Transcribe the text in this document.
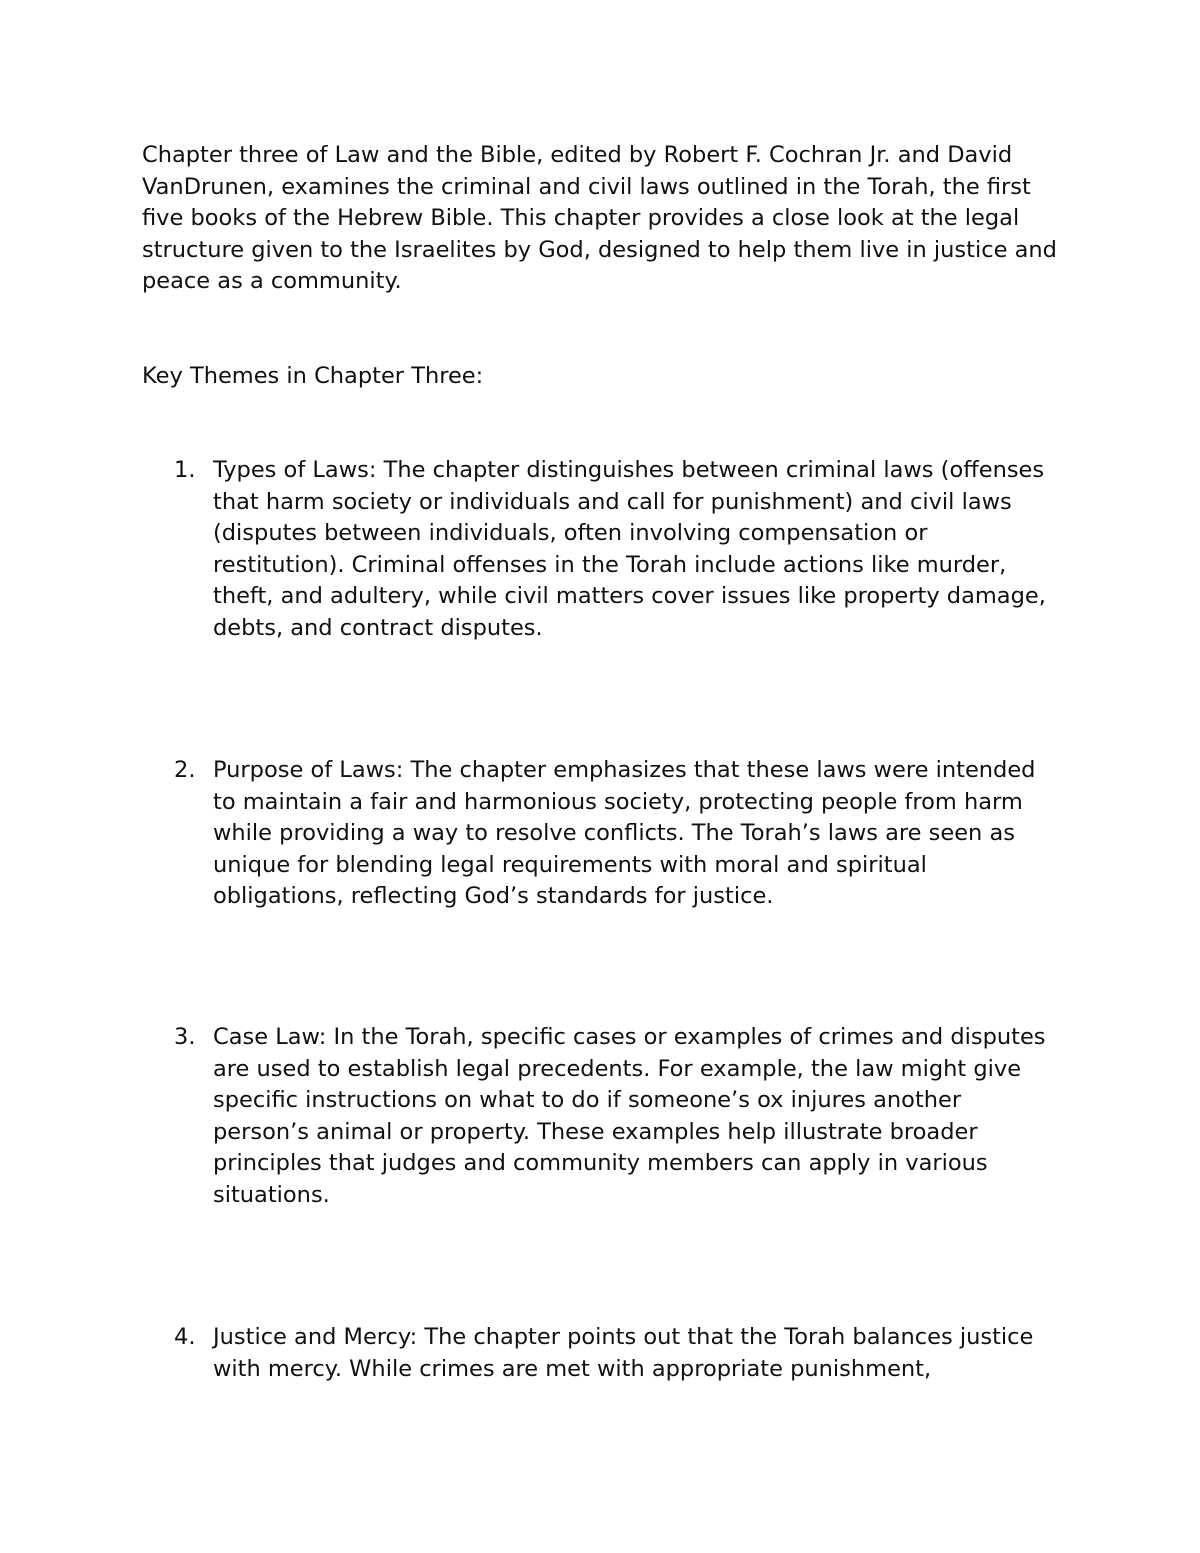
Chapter three of Law and the Bible, edited by Robert F. Cochran Jr. and David VanDrunen, examines the criminal and civil laws outlined in the Torah, the first five books of the Hebrew Bible. This chapter provides a close look at the legal structure given to the Israelites by God, designed to help them live in justice and peace as a community.

Key Themes in Chapter Three:

1. Types of Laws: The chapter distinguishes between criminal laws (offenses that harm society or individuals and call for punishment) and civil laws (disputes between individuals, often involving compensation or restitution). Criminal offenses in the Torah include actions like murder, theft, and adultery, while civil matters cover issues like property damage, debts, and contract disputes.
2. Purpose of Laws: The chapter emphasizes that these laws were intended to maintain a fair and harmonious society, protecting people from harm while providing a way to resolve conflicts. The Torah’s laws are seen as unique for blending legal requirements with moral and spiritual obligations, reflecting God’s standards for justice.
3. Case Law: In the Torah, specific cases or examples of crimes and disputes are used to establish legal precedents. For example, the law might give specific instructions on what to do if someone’s ox injures another person’s animal or property. These examples help illustrate broader principles that judges and community members can apply in various situations.
4. Justice and Mercy: The chapter points out that the Torah balances justice with mercy. While crimes are met with appropriate punishment,
